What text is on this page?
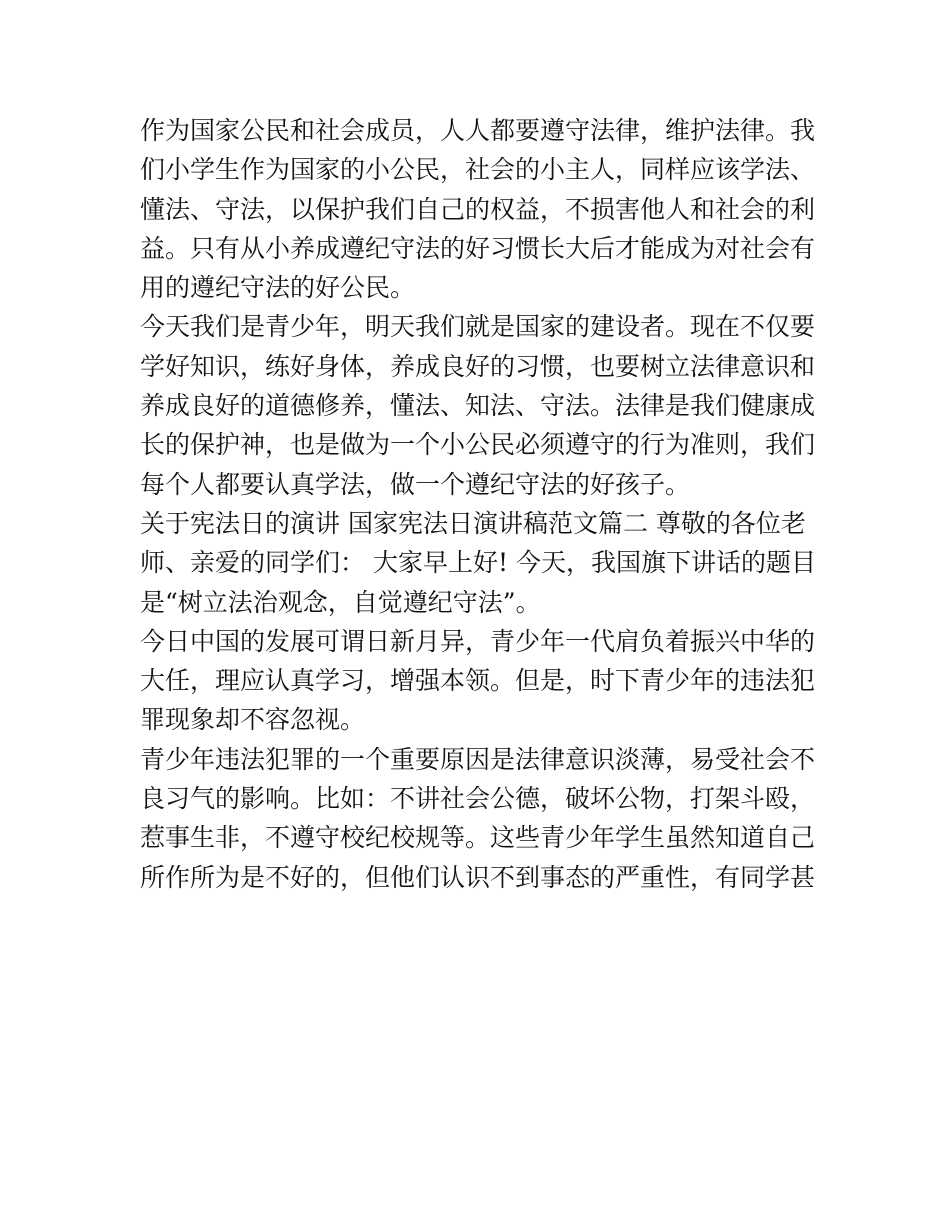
作为国家公民和社会成员，人人都要遵守法律，维护法律。我
们小学生作为国家的小公民，社会的小主人，同样应该学法、
懂法、守法，以保护我们自己的权益，不损害他人和社会的利
益。只有从小养成遵纪守法的好习惯长大后才能成为对社会有
用的遵纪守法的好公民。
今天我们是青少年，明天我们就是国家的建设者。现在不仅要
学好知识，练好身体，养成良好的习惯，也要树立法律意识和
养成良好的道德修养，懂法、知法、守法。法律是我们健康成
长的保护神，也是做为一个小公民必须遵守的行为准则，我们
每个人都要认真学法，做一个遵纪守法的好孩子。
关于宪法日的演讲 国家宪法日演讲稿范文篇二 尊敬的各位老
师、亲爱的同学们： 大家早上好! 今天，我国旗下讲话的题目
是“树立法治观念，自觉遵纪守法”。
今日中国的发展可谓日新月异，青少年一代肩负着振兴中华的
大任，理应认真学习，增强本领。但是，时下青少年的违法犯
罪现象却不容忽视。
青少年违法犯罪的一个重要原因是法律意识淡薄，易受社会不
良习气的影响。比如：不讲社会公德，破坏公物，打架斗殴，
惹事生非，不遵守校纪校规等。这些青少年学生虽然知道自己
所作所为是不好的，但他们认识不到事态的严重性，有同学甚
